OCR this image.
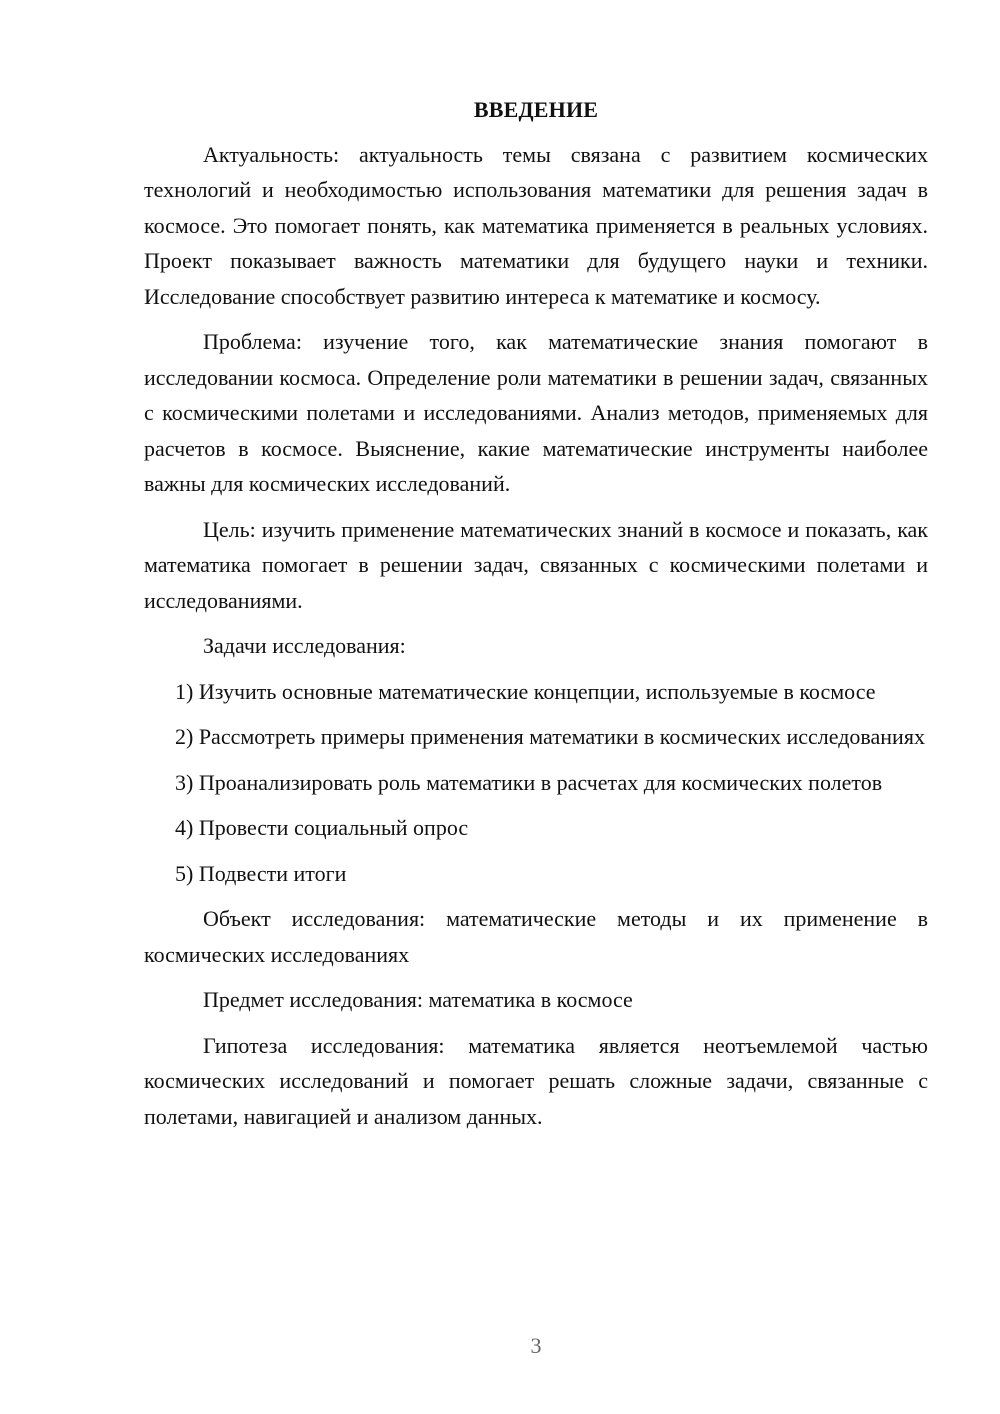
ВВЕДЕНИЕ

Актуальность: актуальность темы связана с развитием космических технологий и необходимостью использования математики для решения задач в космосе. Это помогает понять, как математика применяется в реальных условиях. Проект показывает важность математики для будущего науки и техники. Исследование способствует развитию интереса к математике и космосу.

Проблема: изучение того, как математические знания помогают в исследовании космоса. Определение роли математики в решении задач, связанных с космическими полетами и исследованиями. Анализ методов, применяемых для расчетов в космосе. Выяснение, какие математические инструменты наиболее важны для космических исследований.

Цель: изучить применение математических знаний в космосе и показать, как математика помогает в решении задач, связанных с космическими полетами и исследованиями.

Задачи исследования:

1) Изучить основные математические концепции, используемые в космосе

2) Рассмотреть примеры применения математики в космических исследованиях

3) Проанализировать роль математики в расчетах для космических полетов

4) Провести социальный опрос

5) Подвести итоги

Объект исследования: математические методы и их применение в космических исследованиях

Предмет исследования: математика в космосе

Гипотеза исследования: математика является неотъемлемой частью космических исследований и помогает решать сложные задачи, связанные с полетами, навигацией и анализом данных.

3
